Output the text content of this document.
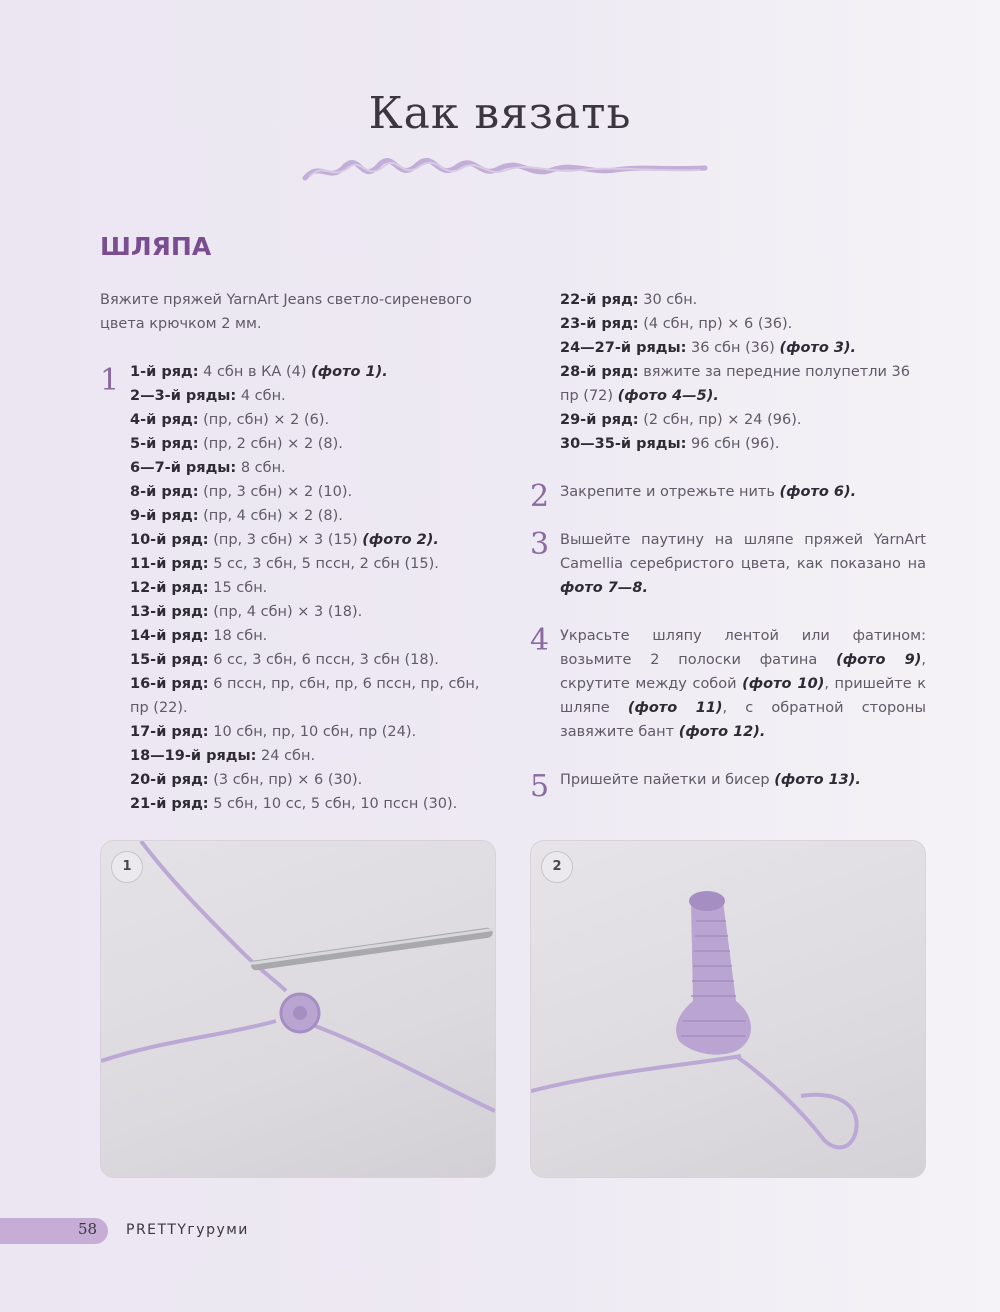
Как вязать
ШЛЯПА
Вяжите пряжей YarnArt Jeans светло-сиреневого цвета крючком 2 мм.
1 1-й ряд: 4 сбн в КА (4) (фото 1).
2—3-й ряды: 4 сбн.
4-й ряд: (пр, сбн) × 2 (6).
5-й ряд: (пр, 2 сбн) × 2 (8).
6—7-й ряды: 8 сбн.
8-й ряд: (пр, 3 сбн) × 2 (10).
9-й ряд: (пр, 4 сбн) × 2 (8).
10-й ряд: (пр, 3 сбн) × 3 (15) (фото 2).
11-й ряд: 5 сс, 3 сбн, 5 пссн, 2 сбн (15).
12-й ряд: 15 сбн.
13-й ряд: (пр, 4 сбн) × 3 (18).
14-й ряд: 18 сбн.
15-й ряд: 6 сс, 3 сбн, 6 пссн, 3 сбн (18).
16-й ряд: 6 пссн, пр, сбн, пр, 6 пссн, пр, сбн, пр (22).
17-й ряд: 10 сбн, пр, 10 сбн, пр (24).
18—19-й ряды: 24 сбн.
20-й ряд: (3 сбн, пр) × 6 (30).
21-й ряд: 5 сбн, 10 сс, 5 сбн, 10 пссн (30).
22-й ряд: 30 сбн.
23-й ряд: (4 сбн, пр) × 6 (36).
24—27-й ряды: 36 сбн (36) (фото 3).
28-й ряд: вяжите за передние полупетли 36 пр (72) (фото 4—5).
29-й ряд: (2 сбн, пр) × 24 (96).
30—35-й ряды: 96 сбн (96).
2 Закрепите и отрежьте нить (фото 6).
3 Вышейте паутину на шляпе пряжей YarnArt Camellia серебристого цвета, как показано на фото 7—8.
4 Украсьте шляпу лентой или фатином: возьмите 2 полоски фатина (фото 9), скрутите между собой (фото 10), пришейте к шляпе (фото 11), с обратной стороны завяжите бант (фото 12).
5 Пришейте пайетки и бисер (фото 13).
1	2
58 PRETTYгуруми
